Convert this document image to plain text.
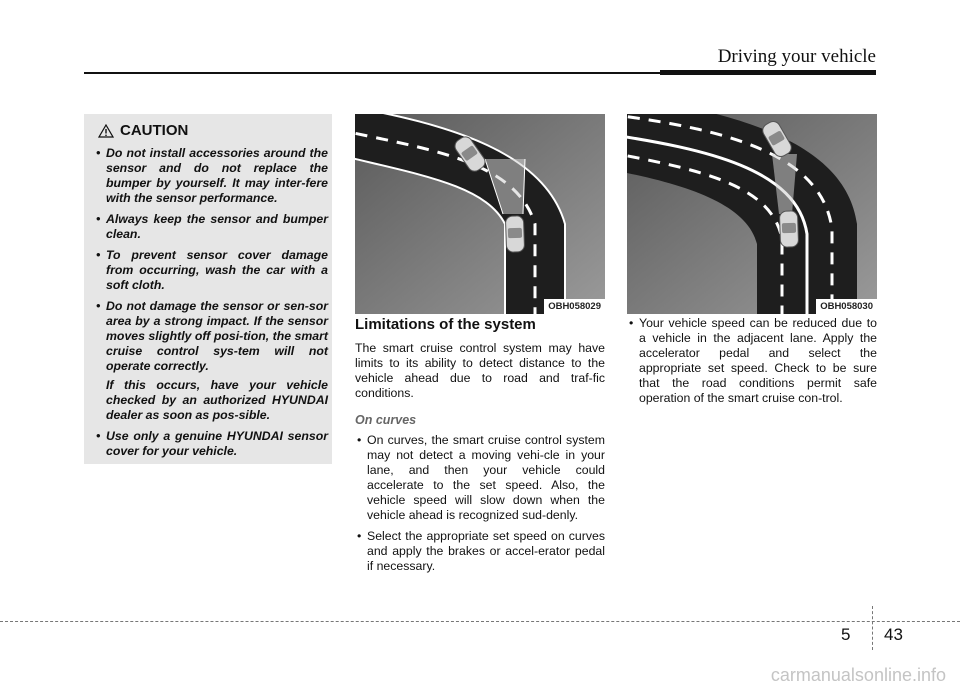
Driving your vehicle
CAUTION
• Do not install accessories around the sensor and do not replace the bumper by yourself. It may inter-fere with the sensor performance.
• Always keep the sensor and bumper clean.
• To prevent sensor cover damage from occurring, wash the car with a soft cloth.
• Do not damage the sensor or sen-sor area by a strong impact. If the sensor moves slightly off posi-tion, the smart cruise control sys-tem will not operate correctly.

If this occurs, have your vehicle checked by an authorized HYUNDAI dealer as soon as pos-sible.

• Use only a genuine HYUNDAI sensor cover for your vehicle.
OBH058029	OBH058030
Limitations of the system

The smart cruise control system may have limits to its ability to detect distance to the vehicle ahead due to road and traf-fic conditions.

On curves
• On curves, the smart cruise control system may not detect a moving vehi-cle in your lane, and then your vehicle could accelerate to the set speed. Also, the vehicle speed will slow down when the vehicle ahead is recognized sud-denly.
• Select the appropriate set speed on curves and apply the brakes or accel-erator pedal if necessary.
• Your vehicle speed can be reduced due to a vehicle in the adjacent lane. Apply the accelerator pedal and select the appropriate set speed. Check to be sure that the road conditions permit safe operation of the smart cruise con-trol.
5 43
carmanualsonline.info
